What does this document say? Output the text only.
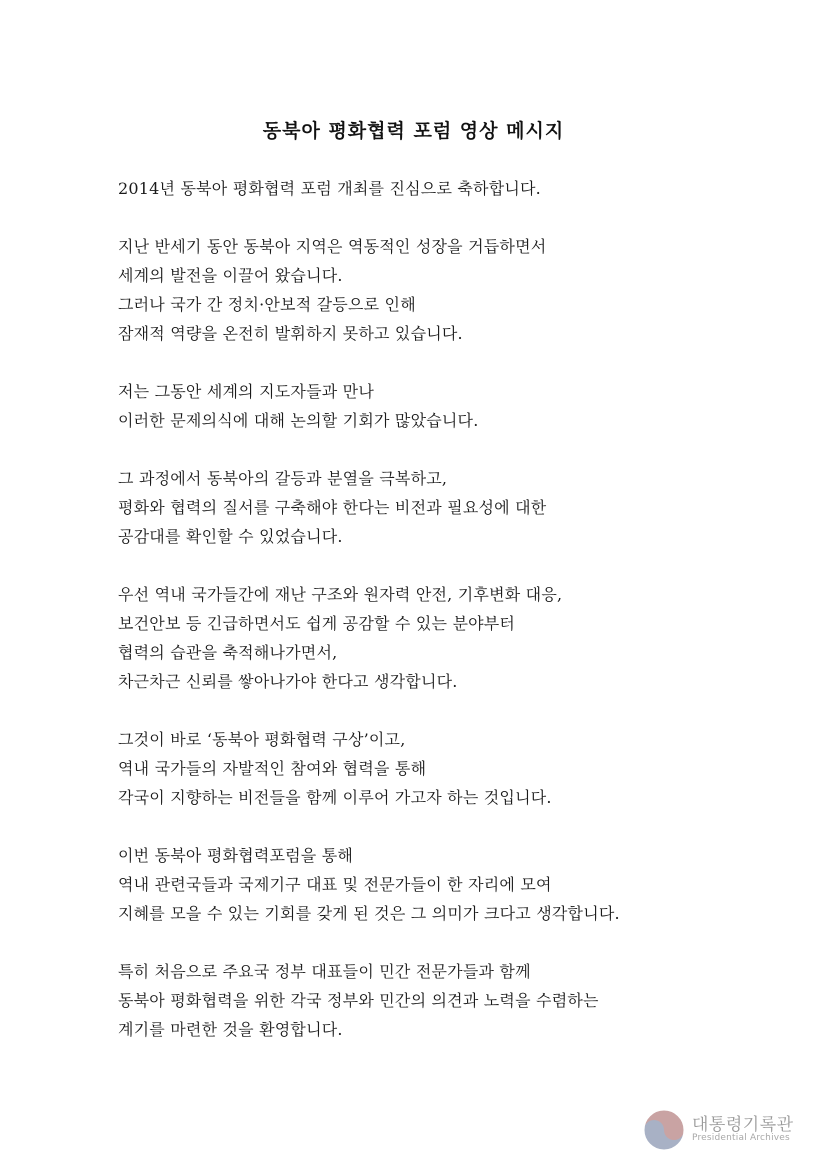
동북아 평화협력 포럼 영상 메시지
2014년 동북아 평화협력 포럼 개최를 진심으로 축하합니다.
지난 반세기 동안 동북아 지역은 역동적인 성장을 거듭하면서
세계의 발전을 이끌어 왔습니다.
그러나 국가 간 정치·안보적 갈등으로 인해
잠재적 역량을 온전히 발휘하지 못하고 있습니다.
저는 그동안 세계의 지도자들과 만나
이러한 문제의식에 대해 논의할 기회가 많았습니다.
그 과정에서 동북아의 갈등과 분열을 극복하고,
평화와 협력의 질서를 구축해야 한다는 비전과 필요성에 대한
공감대를 확인할 수 있었습니다.
우선 역내 국가들간에 재난 구조와 원자력 안전, 기후변화 대응,
보건안보 등 긴급하면서도 쉽게 공감할 수 있는 분야부터
협력의 습관을 축적해나가면서,
차근차근 신뢰를 쌓아나가야 한다고 생각합니다.
그것이 바로 ‘동북아 평화협력 구상’이고,
역내 국가들의 자발적인 참여와 협력을 통해
각국이 지향하는 비전들을 함께 이루어 가고자 하는 것입니다.
이번 동북아 평화협력포럼을 통해
역내 관련국들과 국제기구 대표 및 전문가들이 한 자리에 모여
지혜를 모을 수 있는 기회를 갖게 된 것은 그 의미가 크다고 생각합니다.
특히 처음으로 주요국 정부 대표들이 민간 전문가들과 함께
동북아 평화협력을 위한 각국 정부와 민간의 의견과 노력을 수렴하는
계기를 마련한 것을 환영합니다.
대통령기록관
Presidential Archives
